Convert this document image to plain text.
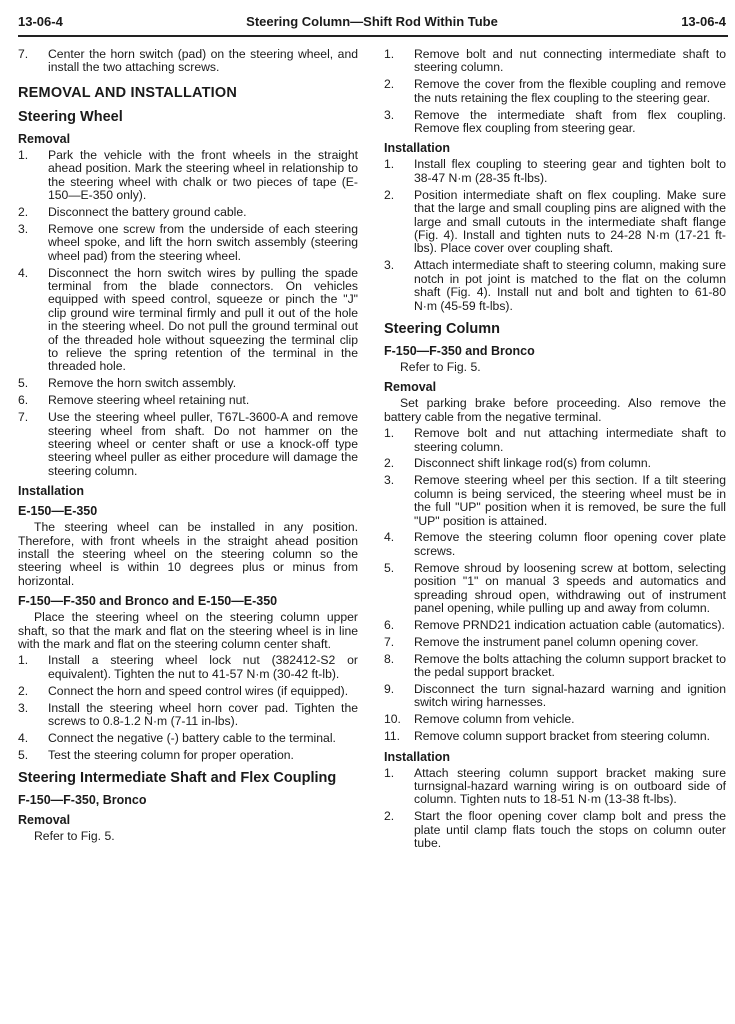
13-06-4	Steering Column—Shift Rod Within Tube	13-06-4
7.	Center the horn switch (pad) on the steering wheel, and install the two attaching screws.
REMOVAL AND INSTALLATION
Steering Wheel
Removal
1.	Park the vehicle with the front wheels in the straight ahead position. Mark the steering wheel in relationship to the steering wheel with chalk or two pieces of tape (E-150—E-350 only).
2.	Disconnect the battery ground cable.
3.	Remove one screw from the underside of each steering wheel spoke, and lift the horn switch assembly (steering wheel pad) from the steering wheel.
4.	Disconnect the horn switch wires by pulling the spade terminal from the blade connectors. On vehicles equipped with speed control, squeeze or pinch the "J" clip ground wire terminal firmly and pull it out of the hole in the steering wheel. Do not pull the ground terminal out of the threaded hole without squeezing the terminal clip to relieve the spring retention of the terminal in the threaded hole.
5.	Remove the horn switch assembly.
6.	Remove steering wheel retaining nut.
7.	Use the steering wheel puller, T67L-3600-A and remove steering wheel from shaft. Do not hammer on the steering wheel or center shaft or use a knock-off type steering wheel puller as either procedure will damage the steering column.
Installation
E-150—E-350
The steering wheel can be installed in any position. Therefore, with front wheels in the straight ahead position install the steering wheel on the steering column so the steering wheel is within 10 degrees plus or minus from horizontal.
F-150—F-350 and Bronco and E-150—E-350
Place the steering wheel on the steering column upper shaft, so that the mark and flat on the steering wheel is in line with the mark and flat on the steering column center shaft.
1.	Install a steering wheel lock nut (382412-S2 or equivalent). Tighten the nut to 41-57 N·m (30-42 ft-lb).
2.	Connect the horn and speed control wires (if equipped).
3.	Install the steering wheel horn cover pad. Tighten the screws to 0.8-1.2 N·m (7-11 in-lbs).
4.	Connect the negative (-) battery cable to the terminal.
5.	Test the steering column for proper operation.
Steering Intermediate Shaft and Flex Coupling
F-150—F-350, Bronco
Removal
Refer to Fig. 5.
1.	Remove bolt and nut connecting intermediate shaft to steering column.
2.	Remove the cover from the flexible coupling and remove the nuts retaining the flex coupling to the steering gear.
3.	Remove the intermediate shaft from flex coupling. Remove flex coupling from steering gear.
Installation
1.	Install flex coupling to steering gear and tighten bolt to 38-47 N·m (28-35 ft-lbs).
2.	Position intermediate shaft on flex coupling. Make sure that the large and small coupling pins are aligned with the large and small cutouts in the intermediate shaft flange (Fig. 4). Install and tighten nuts to 24-28 N·m (17-21 ft-lbs). Place cover over coupling shaft.
3.	Attach intermediate shaft to steering column, making sure notch in pot joint is matched to the flat on the column shaft (Fig. 4). Install nut and bolt and tighten to 61-80 N·m (45-59 ft-lbs).
Steering Column
F-150—F-350 and Bronco
Refer to Fig. 5.
Removal
Set parking brake before proceeding. Also remove the battery cable from the negative terminal.
1.	Remove bolt and nut attaching intermediate shaft to steering column.
2.	Disconnect shift linkage rod(s) from column.
3.	Remove steering wheel per this section. If a tilt steering column is being serviced, the steering wheel must be in the full "UP" position when it is removed, be sure the full "UP" position is attained.
4.	Remove the steering column floor opening cover plate screws.
5.	Remove shroud by loosening screw at bottom, selecting position "1" on manual 3 speeds and automatics and spreading shroud open, withdrawing out of instrument panel opening, while pulling up and away from column.
6.	Remove PRND21 indication actuation cable (automatics).
7.	Remove the instrument panel column opening cover.
8.	Remove the bolts attaching the column support bracket to the pedal support bracket.
9.	Disconnect the turn signal-hazard warning and ignition switch wiring harnesses.
10.	Remove column from vehicle.
11.	Remove column support bracket from steering column.
Installation
1.	Attach steering column support bracket making sure turnsignal-hazard warning wiring is on outboard side of column. Tighten nuts to 18-51 N·m (13-38 ft-lbs).
2.	Start the floor opening cover clamp bolt and press the plate until clamp flats touch the stops on column outer tube.
